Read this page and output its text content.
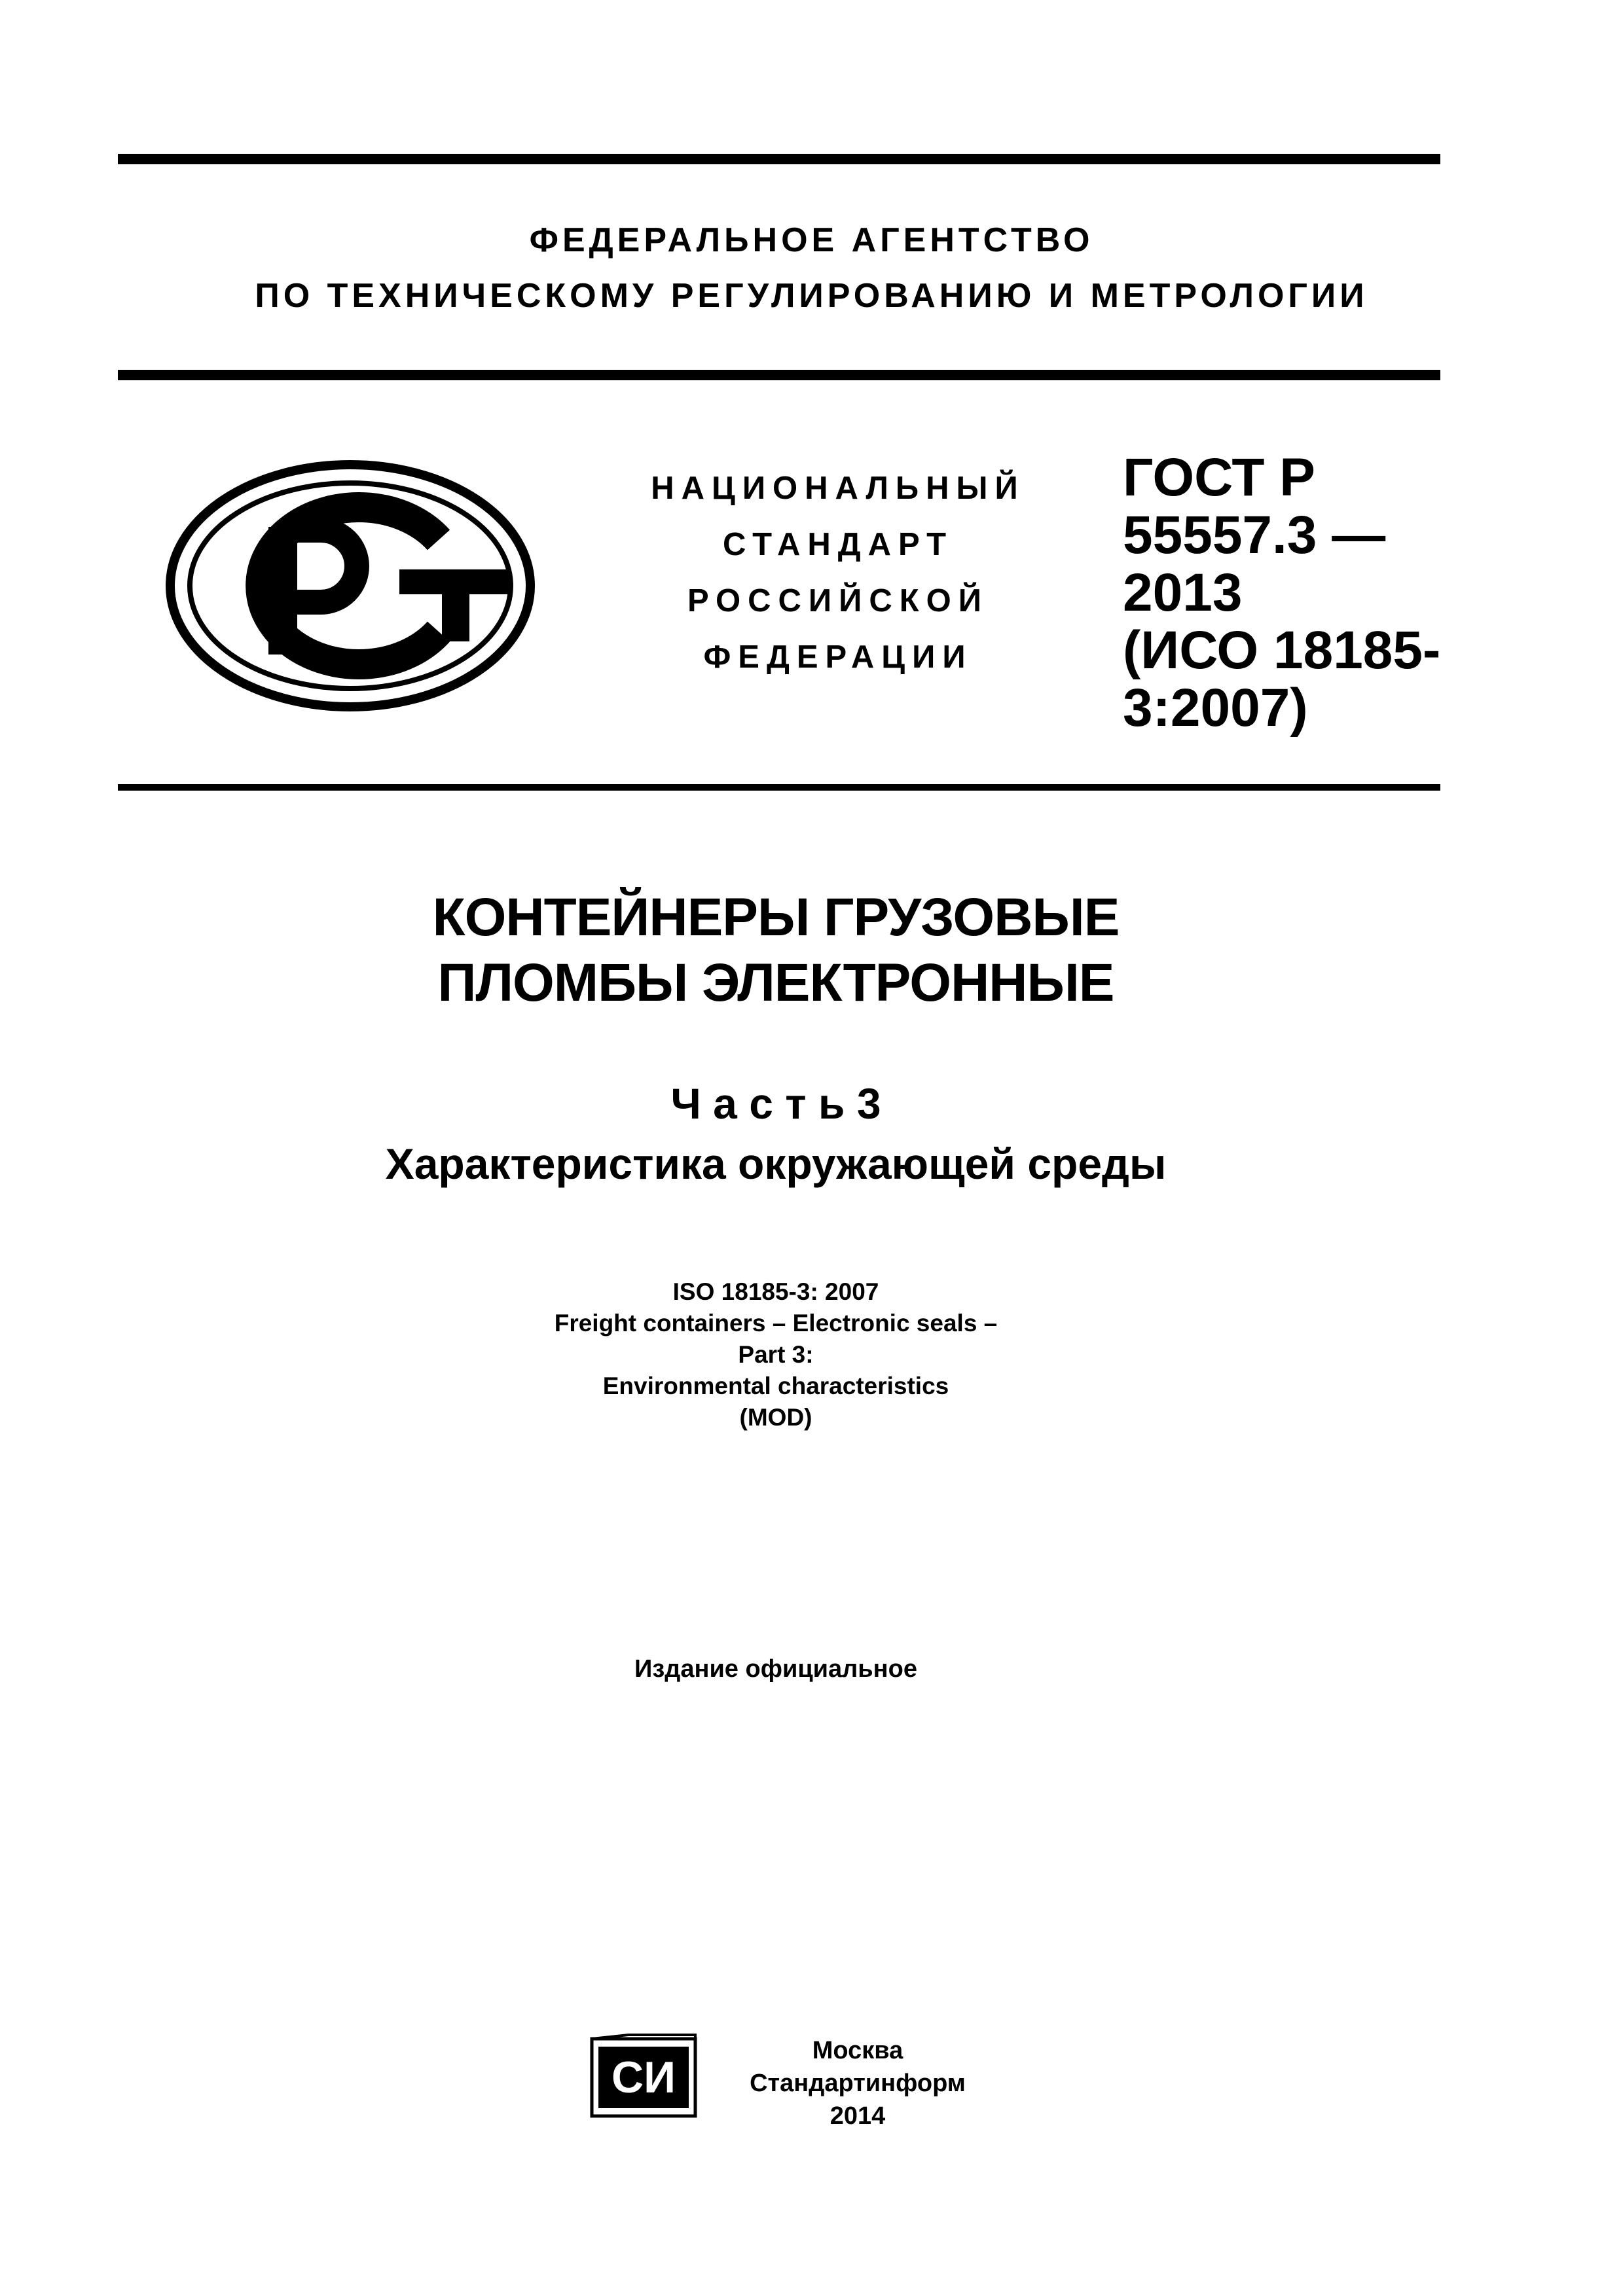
ФЕДЕРАЛЬНОЕ АГЕНТСТВО
ПО ТЕХНИЧЕСКОМУ РЕГУЛИРОВАНИЮ И МЕТРОЛОГИИ
НАЦИОНАЛЬНЫЙ
СТАНДАРТ
РОССИЙСКОЙ
ФЕДЕРАЦИИ
ГОСТ Р
55557.3 —
2013
(ИСО 18185-
3:2007)
КОНТЕЙНЕРЫ ГРУЗОВЫЕ
ПЛОМБЫ ЭЛЕКТРОННЫЕ
Ч а с т ь 3
Характеристика окружающей среды
ISO 18185-3: 2007
Freight containers – Electronic seals –
Part 3:
Environmental characteristics
(MOD)
Издание официальное
СИ
Москва
Стандартинформ
2014
